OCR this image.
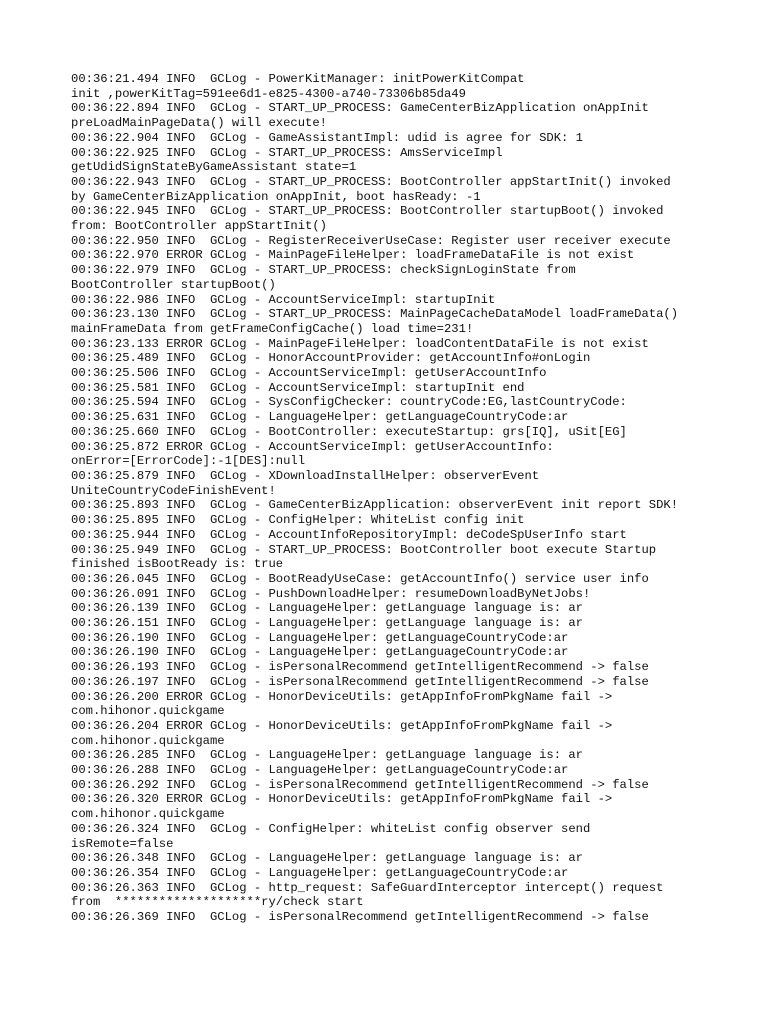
00:36:21.494 INFO  GCLog - PowerKitManager: initPowerKitCompat
init ,powerKitTag=591ee6d1-e825-4300-a740-73306b85da49

00:36:22.894 INFO  GCLog - START_UP_PROCESS: GameCenterBizApplication onAppInit
preLoadMainPageData() will execute!

00:36:22.904 INFO  GCLog - GameAssistantImpl: udid is agree for SDK: 1

00:36:22.925 INFO  GCLog - START_UP_PROCESS: AmsServiceImpl
getUdidSignStateByGameAssistant state=1

00:36:22.943 INFO  GCLog - START_UP_PROCESS: BootController appStartInit() invoked
by GameCenterBizApplication onAppInit, boot hasReady: -1

00:36:22.945 INFO  GCLog - START_UP_PROCESS: BootController startupBoot() invoked
from: BootController appStartInit()

00:36:22.950 INFO  GCLog - RegisterReceiverUseCase: Register user receiver execute

00:36:22.970 ERROR GCLog - MainPageFileHelper: loadFrameDataFile is not exist

00:36:22.979 INFO  GCLog - START_UP_PROCESS: checkSignLoginState from
BootController startupBoot()

00:36:22.986 INFO  GCLog - AccountServiceImpl: startupInit

00:36:23.130 INFO  GCLog - START_UP_PROCESS: MainPageCacheDataModel loadFrameData()
mainFrameData from getFrameConfigCache() load time=231!

00:36:23.133 ERROR GCLog - MainPageFileHelper: loadContentDataFile is not exist

00:36:25.489 INFO  GCLog - HonorAccountProvider: getAccountInfo#onLogin

00:36:25.506 INFO  GCLog - AccountServiceImpl: getUserAccountInfo

00:36:25.581 INFO  GCLog - AccountServiceImpl: startupInit end

00:36:25.594 INFO  GCLog - SysConfigChecker: countryCode:EG,lastCountryCode:

00:36:25.631 INFO  GCLog - LanguageHelper: getLanguageCountryCode:ar

00:36:25.660 INFO  GCLog - BootController: executeStartup: grs[IQ], uSit[EG]

00:36:25.872 ERROR GCLog - AccountServiceImpl: getUserAccountInfo:
onError=[ErrorCode]:-1[DES]:null

00:36:25.879 INFO  GCLog - XDownloadInstallHelper: observerEvent
UniteCountryCodeFinishEvent!

00:36:25.893 INFO  GCLog - GameCenterBizApplication: observerEvent init report SDK!

00:36:25.895 INFO  GCLog - ConfigHelper: WhiteList config init

00:36:25.944 INFO  GCLog - AccountInfoRepositoryImpl: deCodeSpUserInfo start

00:36:25.949 INFO  GCLog - START_UP_PROCESS: BootController boot execute Startup
finished isBootReady is: true

00:36:26.045 INFO  GCLog - BootReadyUseCase: getAccountInfo() service user info

00:36:26.091 INFO  GCLog - PushDownloadHelper: resumeDownloadByNetJobs!

00:36:26.139 INFO  GCLog - LanguageHelper: getLanguage language is: ar

00:36:26.151 INFO  GCLog - LanguageHelper: getLanguage language is: ar

00:36:26.190 INFO  GCLog - LanguageHelper: getLanguageCountryCode:ar

00:36:26.190 INFO  GCLog - LanguageHelper: getLanguageCountryCode:ar

00:36:26.193 INFO  GCLog - isPersonalRecommend getIntelligentRecommend -> false

00:36:26.197 INFO  GCLog - isPersonalRecommend getIntelligentRecommend -> false

00:36:26.200 ERROR GCLog - HonorDeviceUtils: getAppInfoFromPkgName fail ->
com.hihonor.quickgame

00:36:26.204 ERROR GCLog - HonorDeviceUtils: getAppInfoFromPkgName fail ->
com.hihonor.quickgame

00:36:26.285 INFO  GCLog - LanguageHelper: getLanguage language is: ar

00:36:26.288 INFO  GCLog - LanguageHelper: getLanguageCountryCode:ar

00:36:26.292 INFO  GCLog - isPersonalRecommend getIntelligentRecommend -> false

00:36:26.320 ERROR GCLog - HonorDeviceUtils: getAppInfoFromPkgName fail ->
com.hihonor.quickgame

00:36:26.324 INFO  GCLog - ConfigHelper: whiteList config observer send
isRemote=false

00:36:26.348 INFO  GCLog - LanguageHelper: getLanguage language is: ar

00:36:26.354 INFO  GCLog - LanguageHelper: getLanguageCountryCode:ar

00:36:26.363 INFO  GCLog - http_request: SafeGuardInterceptor intercept() request
from  ********************ry/check start

00:36:26.369 INFO  GCLog - isPersonalRecommend getIntelligentRecommend -> false
